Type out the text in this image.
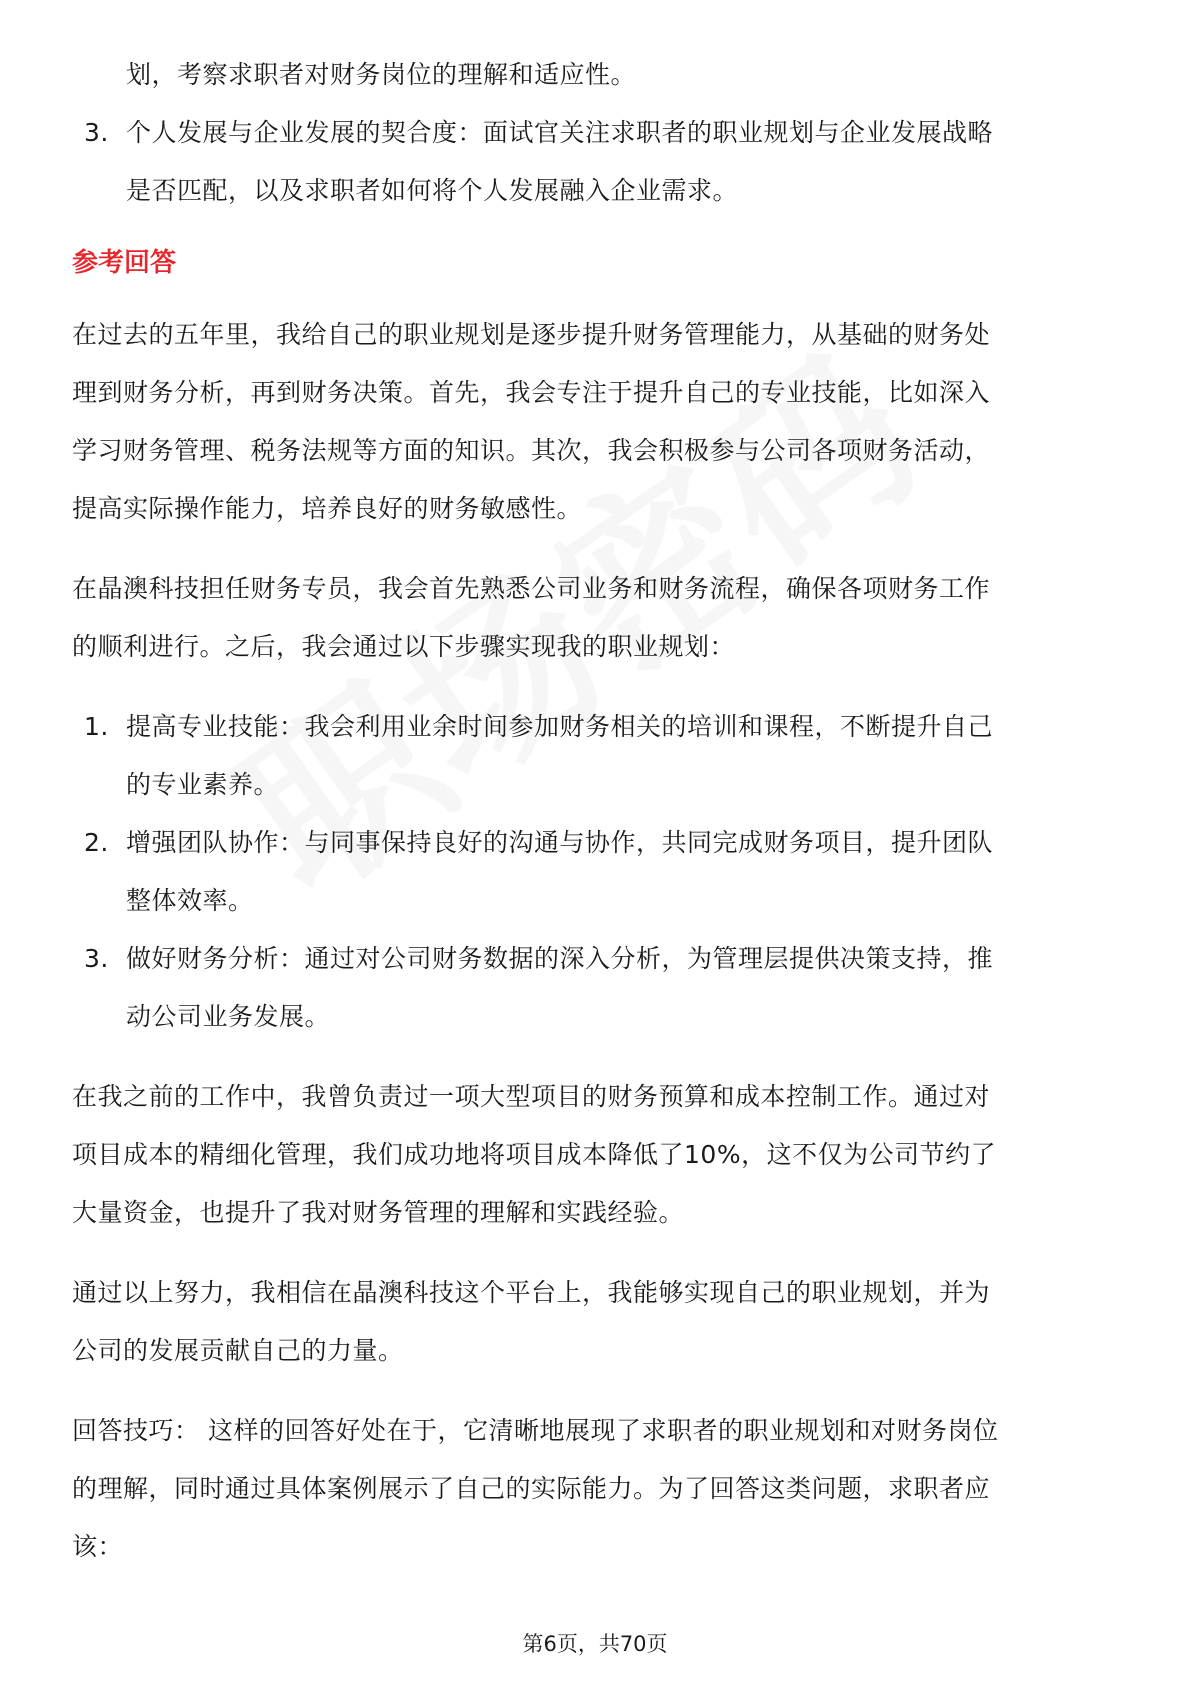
划，考察求职者对财务岗位的理解和适应性。
3. 个人发展与企业发展的契合度：面试官关注求职者的职业规划与企业发展战略
是否匹配，以及求职者如何将个人发展融入企业需求。
参考回答
在过去的五年里，我给自己的职业规划是逐步提升财务管理能力，从基础的财务处
理到财务分析，再到财务决策。首先，我会专注于提升自己的专业技能，比如深入
学习财务管理、税务法规等方面的知识。其次，我会积极参与公司各项财务活动，
提高实际操作能力，培养良好的财务敏感性。
在晶澳科技担任财务专员，我会首先熟悉公司业务和财务流程，确保各项财务工作
的顺利进行。之后，我会通过以下步骤实现我的职业规划：
1. 提高专业技能：我会利用业余时间参加财务相关的培训和课程，不断提升自己
的专业素养。
2. 增强团队协作：与同事保持良好的沟通与协作，共同完成财务项目，提升团队
整体效率。
3. 做好财务分析：通过对公司财务数据的深入分析，为管理层提供决策支持，推
动公司业务发展。
在我之前的工作中，我曾负责过一项大型项目的财务预算和成本控制工作。通过对
项目成本的精细化管理，我们成功地将项目成本降低了10%，这不仅为公司节约了
大量资金，也提升了我对财务管理的理解和实践经验。
通过以上努力，我相信在晶澳科技这个平台上，我能够实现自己的职业规划，并为
公司的发展贡献自己的力量。
回答技巧： 这样的回答好处在于，它清晰地展现了求职者的职业规划和对财务岗位
的理解，同时通过具体案例展示了自己的实际能力。为了回答这类问题，求职者应
该：
第6页，共70页
